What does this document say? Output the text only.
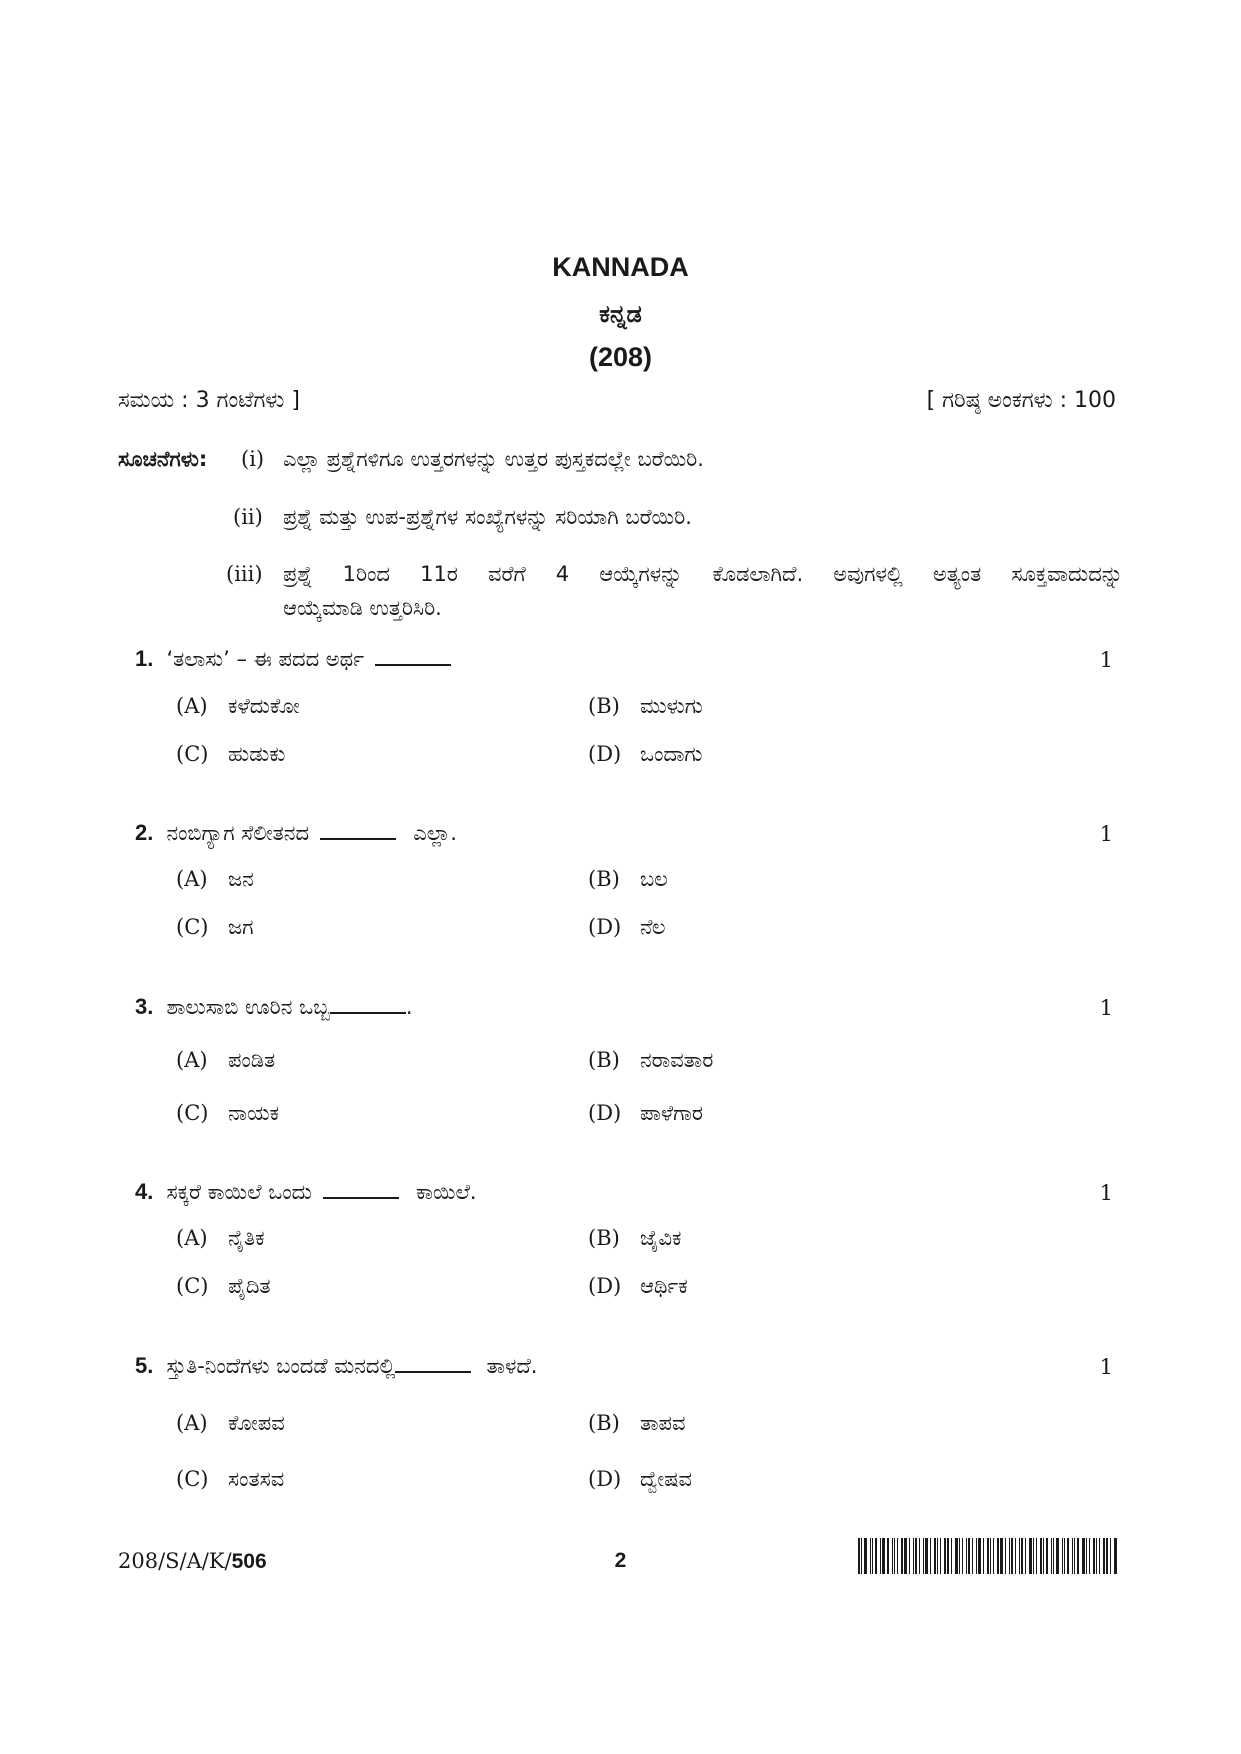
KANNADA
ಕನ್ನಡ
(208)
ಸಮಯ : 3 ಗಂಟೆಗಳು ]	[ ಗರಿಷ್ಠ ಅಂಕಗಳು : 100
ಸೂಚನೆಗಳು: (i) ಎಲ್ಲಾ ಪ್ರಶ್ನೆಗಳಿಗೂ ಉತ್ತರಗಳನ್ನು ಉತ್ತರ ಪುಸ್ತಕದಲ್ಲೇ ಬರೆಯಿರಿ.
(ii) ಪ್ರಶ್ನೆ ಮತ್ತು ಉಪ-ಪ್ರಶ್ನೆಗಳ ಸಂಖ್ಯೆಗಳನ್ನು ಸರಿಯಾಗಿ ಬರೆಯಿರಿ.
(iii) ಪ್ರಶ್ನೆ 1ರಿಂದ 11ರ ವರೆಗೆ 4 ಆಯ್ಕೆಗಳನ್ನು ಕೊಡಲಾಗಿದೆ. ಅವುಗಳಲ್ಲಿ ಅತ್ಯಂತ ಸೂಕ್ತವಾದುದನ್ನು
ಆಯ್ಕೆಮಾಡಿ ಉತ್ತರಿಸಿರಿ.
1. ‘ತಲಾಸು’ – ಈ ಪದದ ಅರ್ಥ	1
(A) ಕಳೆದುಕೋ	(B) ಮುಳುಗು
(C) ಹುಡುಕು	(D) ಒಂದಾಗು
2. ನಂಬಿಗ್ಯಾಗ ಸೆಲೀತನದ	ಎಲ್ಲಾ.	1
(A) ಜನ	(B) ಬಲ
(C) ಜಗ	(D) ನೆಲ
3. ಶಾಲುಸಾಬಿ ಊರಿನ ಒಬ್ಬ	.	1
(A) ಪಂಡಿತ	(B) ನರಾವತಾರ
(C) ನಾಯಕ	(D) ಪಾಳೆಗಾರ
4. ಸಕ್ಕರೆ ಕಾಯಿಲೆ ಒಂದು	ಕಾಯಿಲೆ.	1
(A) ನೈತಿಕ	(B) ಜೈವಿಕ
(C) ಪೈದಿತ	(D) ಆರ್ಥಿಕ
5. ಸ್ತುತಿ-ನಿಂದೆಗಳು ಬಂದಡೆ ಮನದಲ್ಲಿ	ತಾಳದೆ.	1
(A) ಕೋಪವ	(B) ತಾಪವ
(C) ಸಂತಸವ	(D) ದ್ವೇಷವ
208/S/A/K/506	2
